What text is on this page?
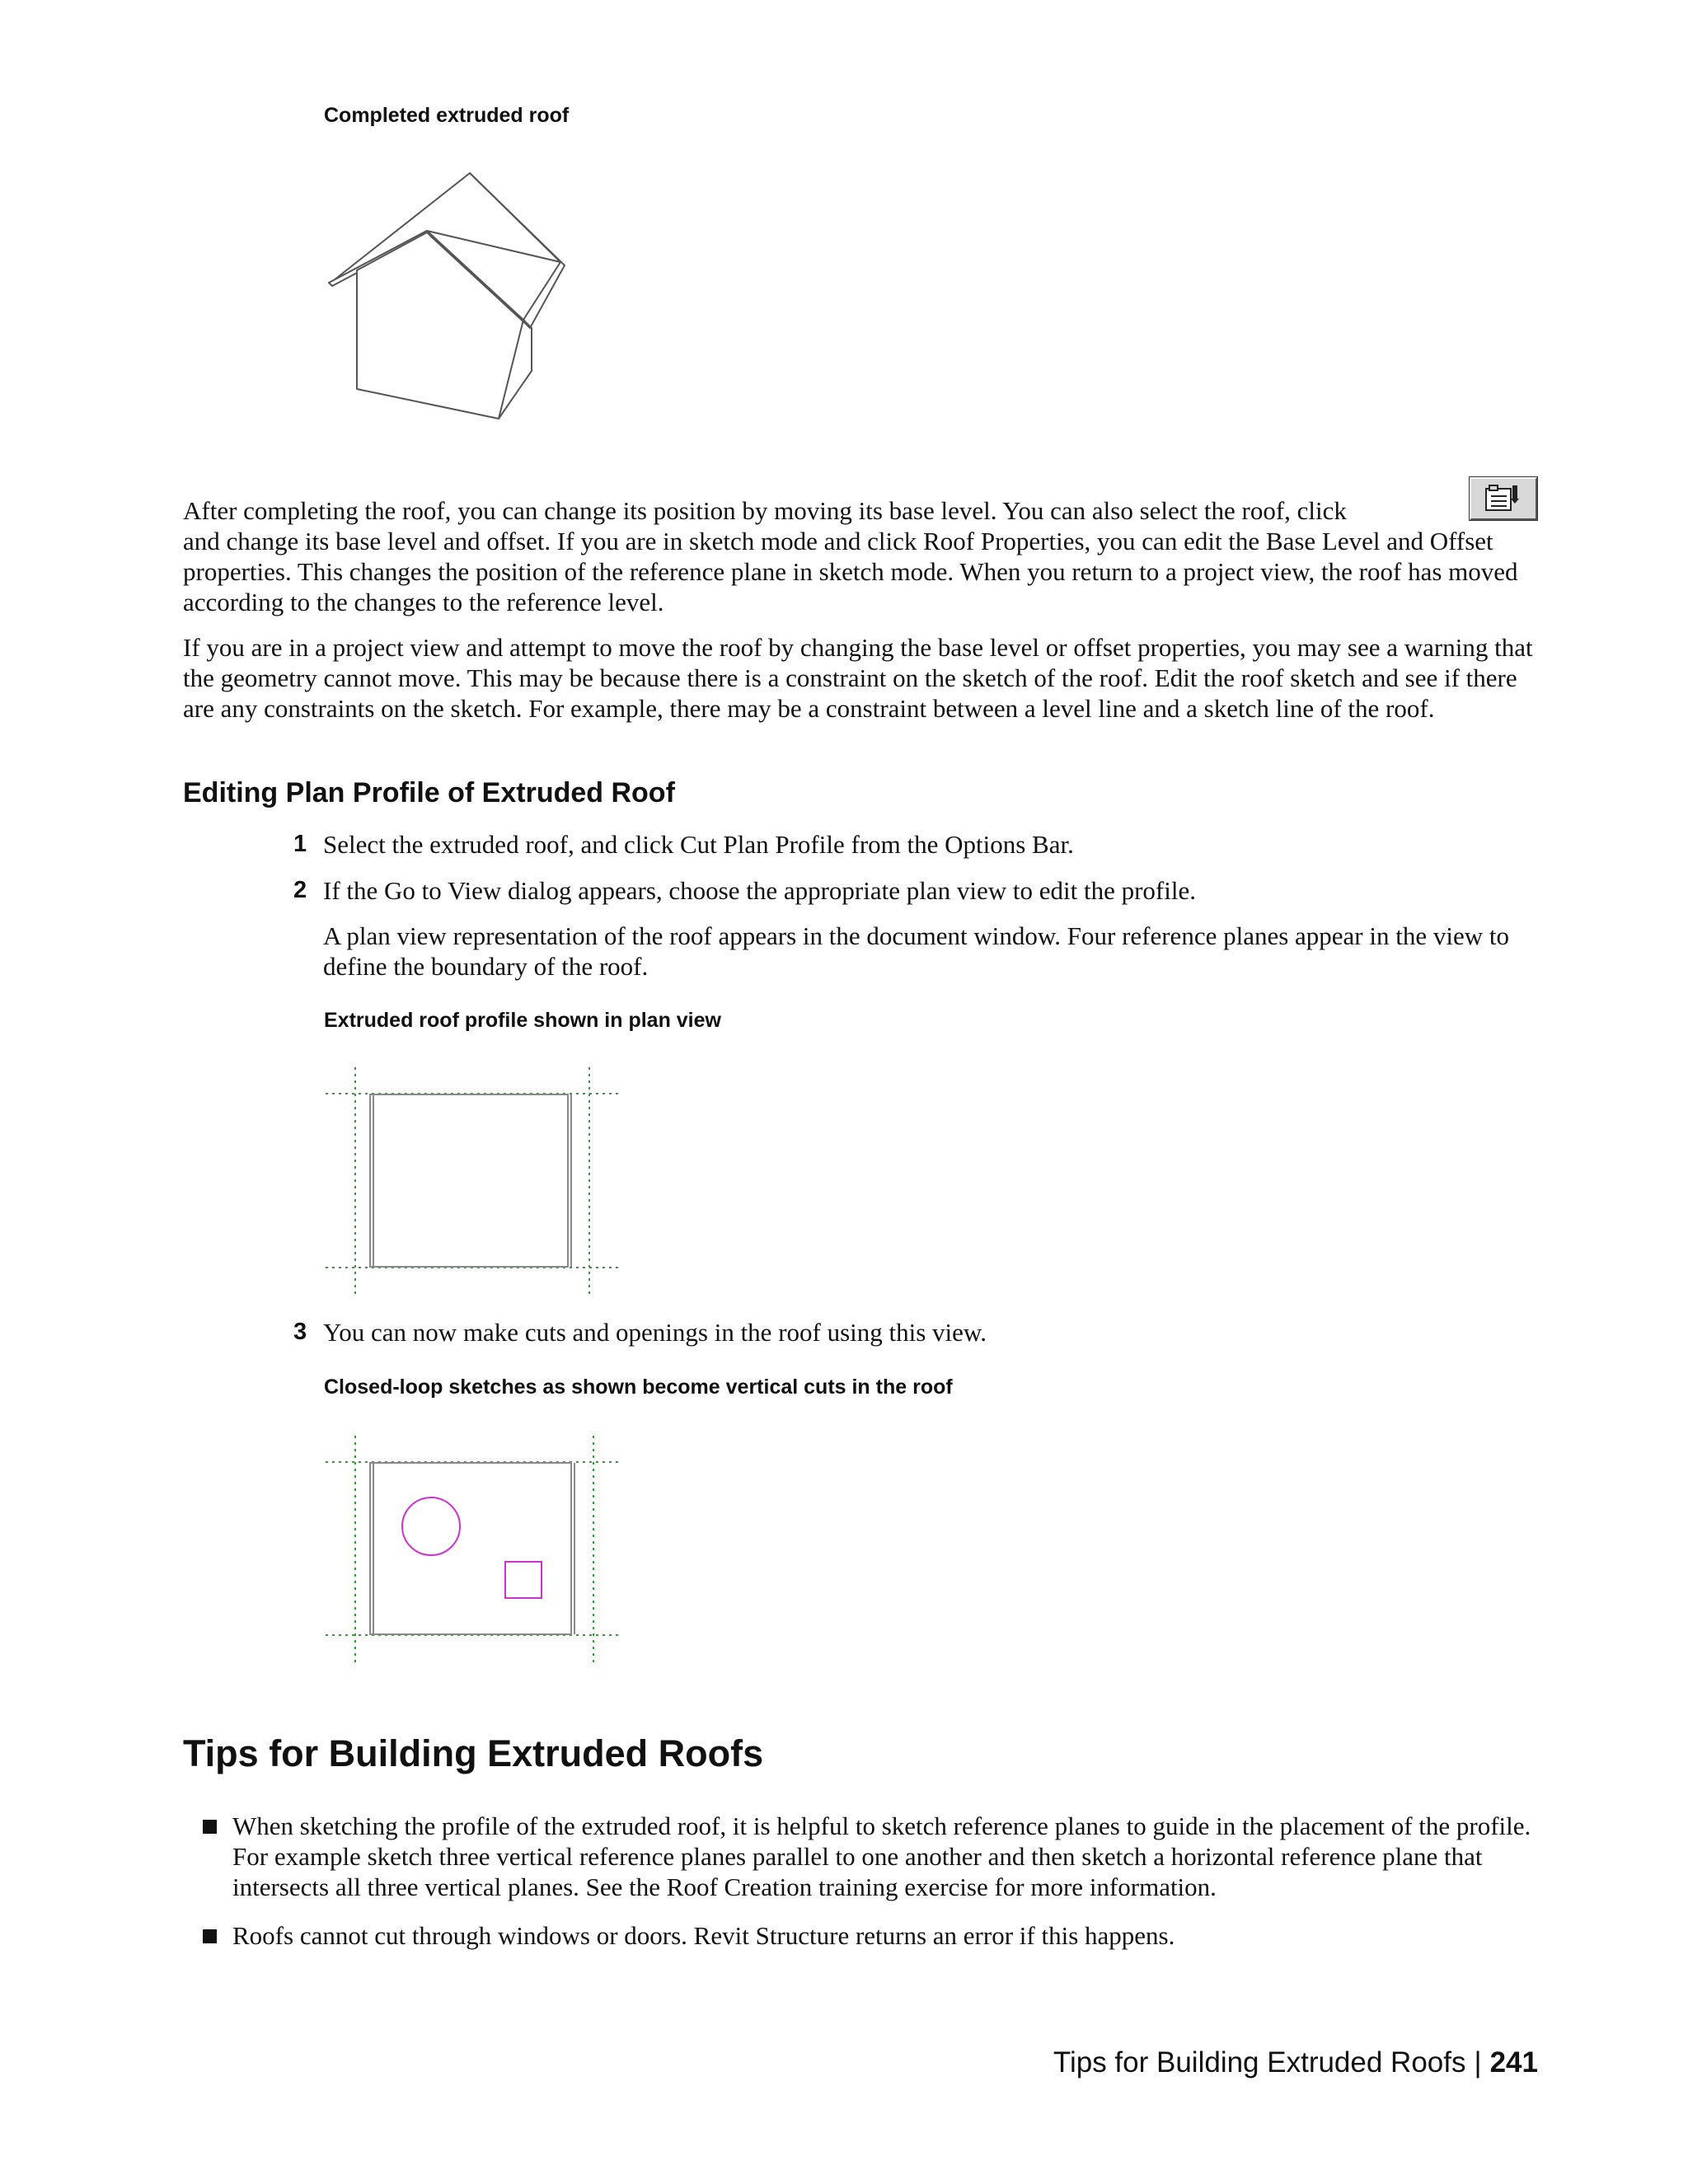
Completed extruded roof

After completing the roof, you can change its position by moving its base level. You can also select the roof, click

and change its base level and offset. If you are in sketch mode and click Roof Properties, you can edit the Base Level and Offset properties. This changes the position of the reference plane in sketch mode. When you return to a project view, the roof has moved according to the changes to the reference level.

If you are in a project view and attempt to move the roof by changing the base level or offset properties, you may see a warning that the geometry cannot move. This may be because there is a constraint on the sketch of the roof. Edit the roof sketch and see if there are any constraints on the sketch. For example, there may be a constraint between a level line and a sketch line of the roof.

Editing Plan Profile of Extruded Roof
1 Select the extruded roof, and click Cut Plan Profile from the Options Bar.
2 If the Go to View dialog appears, choose the appropriate plan view to edit the profile.

A plan view representation of the roof appears in the document window. Four reference planes appear in the view to define the boundary of the roof.

Extruded roof profile shown in plan view
3 You can now make cuts and openings in the roof using this view.
Closed-loop sketches as shown become vertical cuts in the roof
Tips for Building Extruded Roofs
When sketching the profile of the extruded roof, it is helpful to sketch reference planes to guide in the placement of the profile. For example sketch three vertical reference planes parallel to one another and then sketch a horizontal reference plane that intersects all three vertical planes. See the Roof Creation training exercise for more information.
Roofs cannot cut through windows or doors. Revit Structure returns an error if this happens.
Tips for Building Extruded Roofs | 241
